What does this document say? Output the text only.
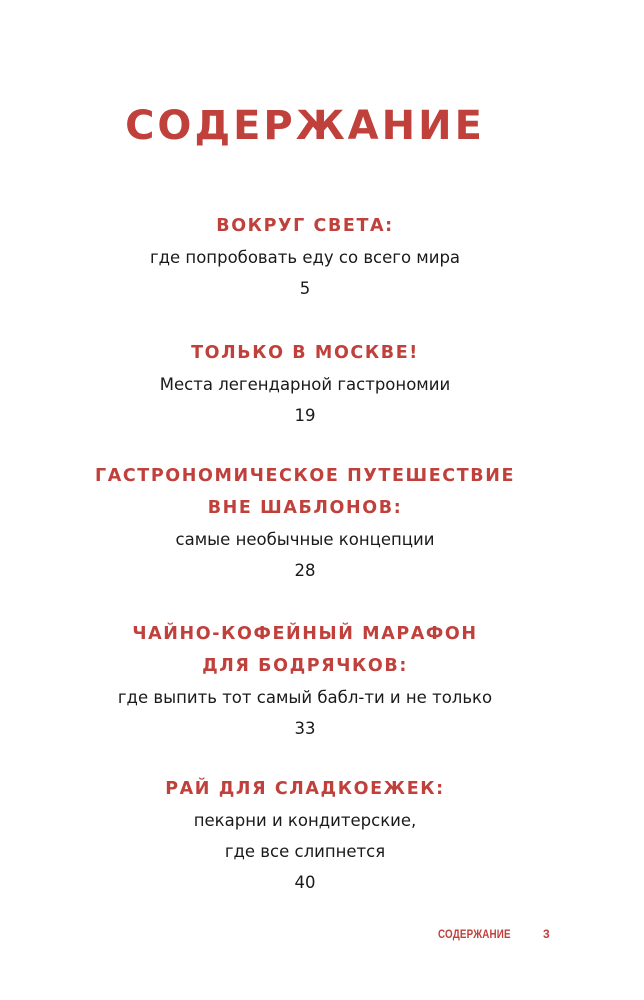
СОДЕРЖАНИЕ
ВОКРУГ СВЕТА:
где попробовать еду со всего мира
5
ТОЛЬКО В МОСКВЕ!
Места легендарной гастрономии
19
ГАСТРОНОМИЧЕСКОЕ ПУТЕШЕСТВИЕ
ВНЕ ШАБЛОНОВ:
самые необычные концепции
28
ЧАЙНО-КОФЕЙНЫЙ МАРАФОН
ДЛЯ БОДРЯЧКОВ:
где выпить тот самый бабл-ти и не только
33
РАЙ ДЛЯ СЛАДКОЕЖЕК:
пекарни и кондитерские,
где все слипнется
40
СОДЕРЖАНИЕ	3
